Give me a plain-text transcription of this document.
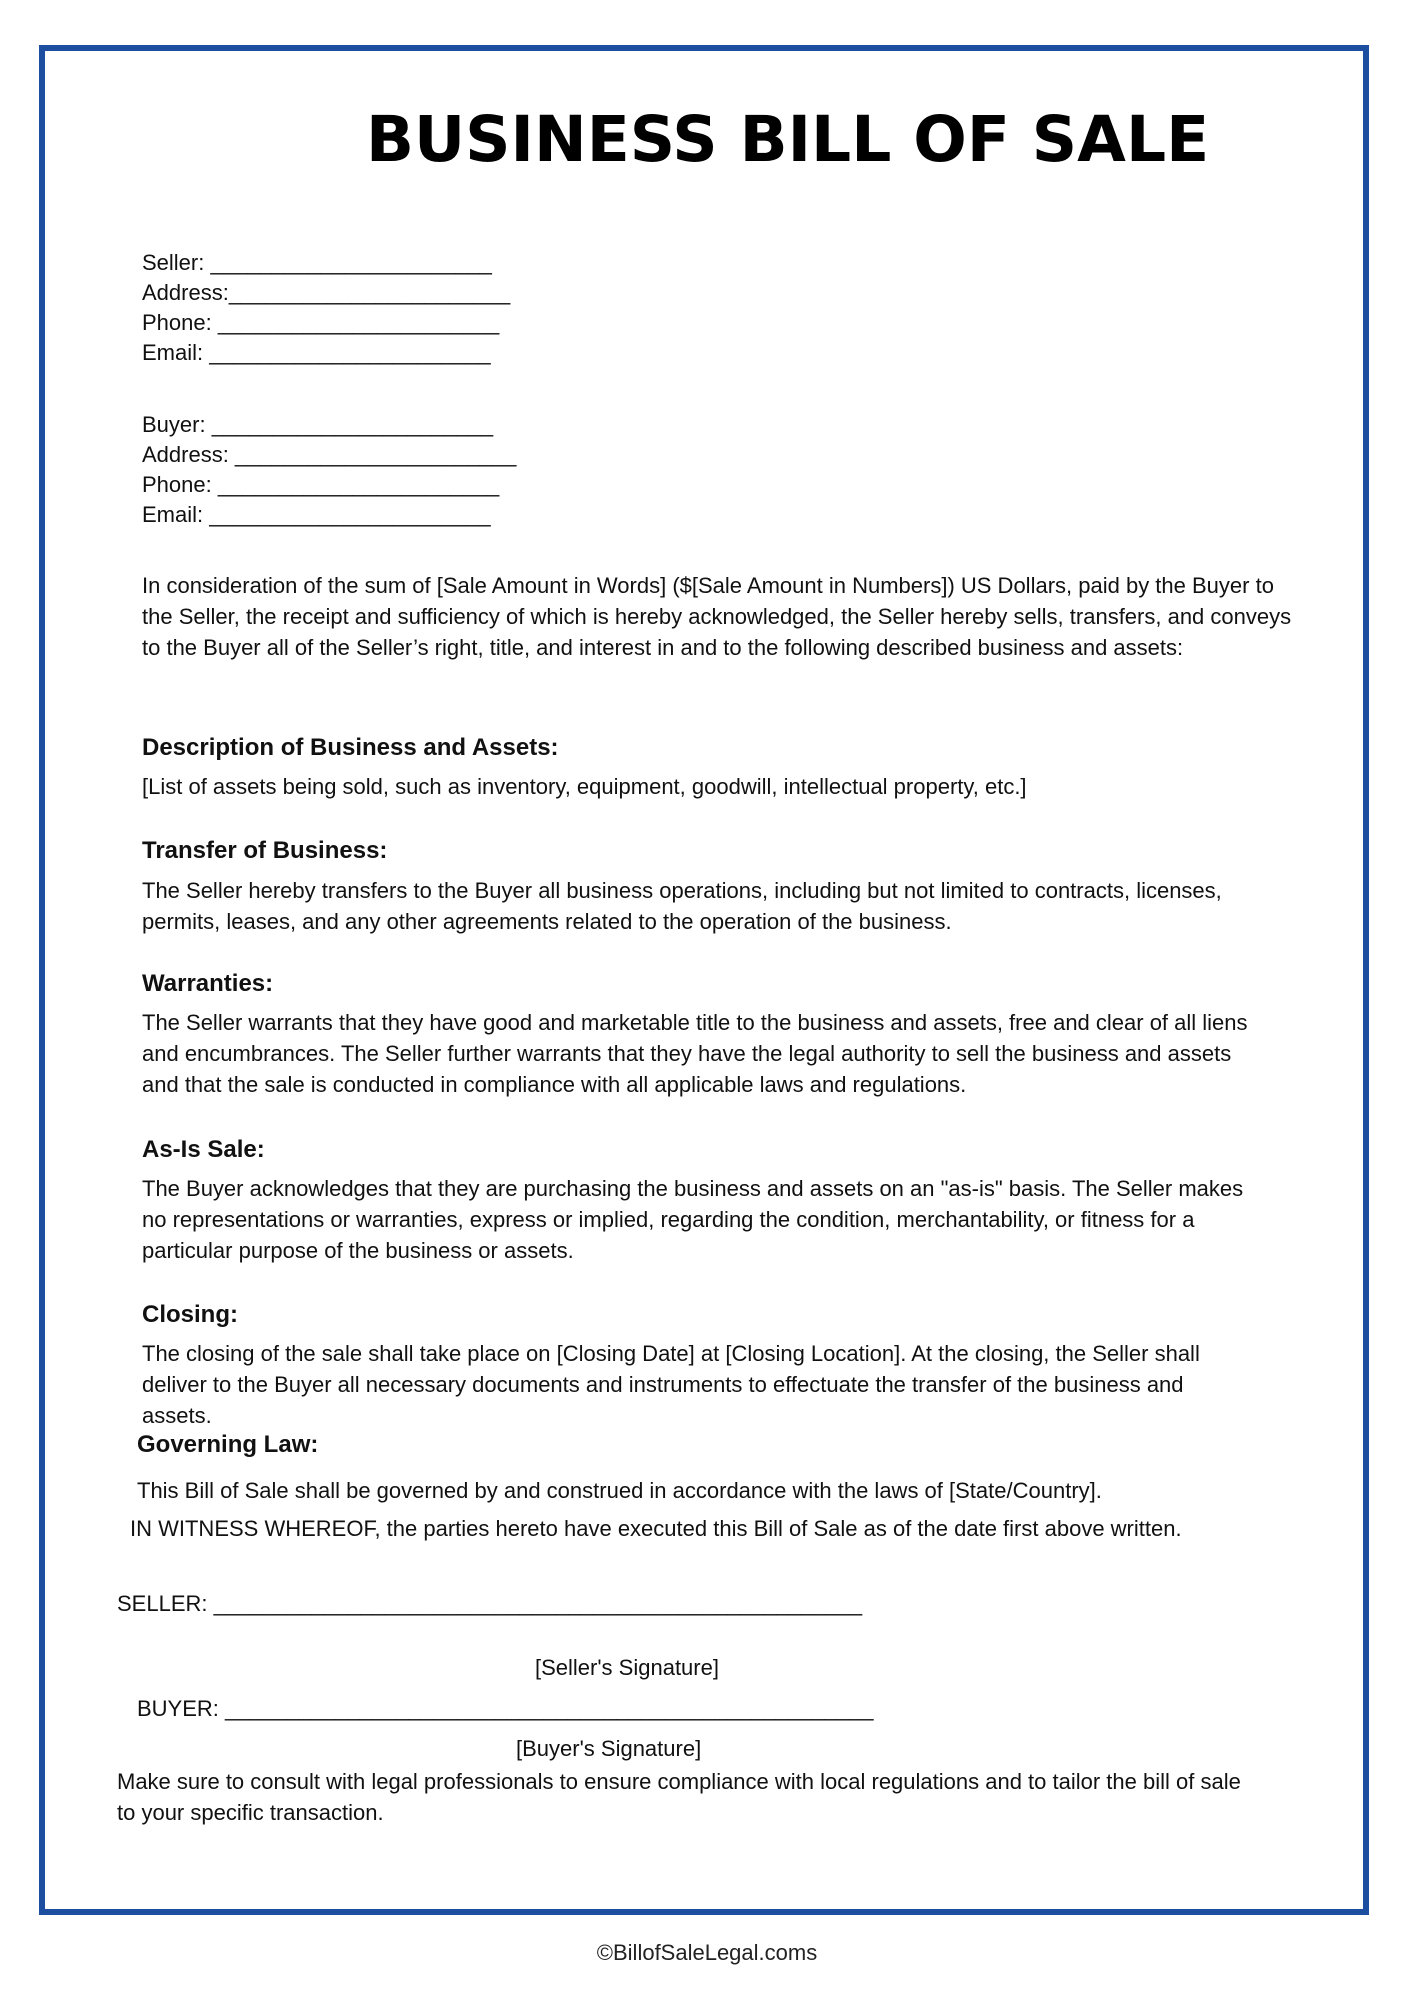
BUSINESS BILL OF SALE
Seller: _______________________
Address:_______________________
Phone: _______________________
Email: _______________________
Buyer: _______________________
Address: _______________________
Phone: _______________________
Email: _______________________
In consideration of the sum of [Sale Amount in Words] ($[Sale Amount in Numbers]) US Dollars, paid by the Buyer to the Seller, the receipt and sufficiency of which is hereby acknowledged, the Seller hereby sells, transfers, and conveys to the Buyer all of the Seller’s right, title, and interest in and to the following described business and assets:
Description of Business and Assets:
[List of assets being sold, such as inventory, equipment, goodwill, intellectual property, etc.]
Transfer of Business:
The Seller hereby transfers to the Buyer all business operations, including but not limited to contracts, licenses, permits, leases, and any other agreements related to the operation of the business.
Warranties:
The Seller warrants that they have good and marketable title to the business and assets, free and clear of all liens and encumbrances. The Seller further warrants that they have the legal authority to sell the business and assets and that the sale is conducted in compliance with all applicable laws and regulations.
As-Is Sale:
The Buyer acknowledges that they are purchasing the business and assets on an "as-is" basis. The Seller makes no representations or warranties, express or implied, regarding the condition, merchantability, or fitness for a particular purpose of the business or assets.
Closing:
The closing of the sale shall take place on [Closing Date] at [Closing Location]. At the closing, the Seller shall deliver to the Buyer all necessary documents and instruments to effectuate the transfer of the business and assets.
Governing Law:
This Bill of Sale shall be governed by and construed in accordance with the laws of [State/Country].
IN WITNESS WHEREOF, the parties hereto have executed this Bill of Sale as of the date first above written.
SELLER: _____________________________________________________
[Seller's Signature]
BUYER: _____________________________________________________
[Buyer's Signature]
Make sure to consult with legal professionals to ensure compliance with local regulations and to tailor the bill of sale to your specific transaction.
©BillofSaleLegal.coms
